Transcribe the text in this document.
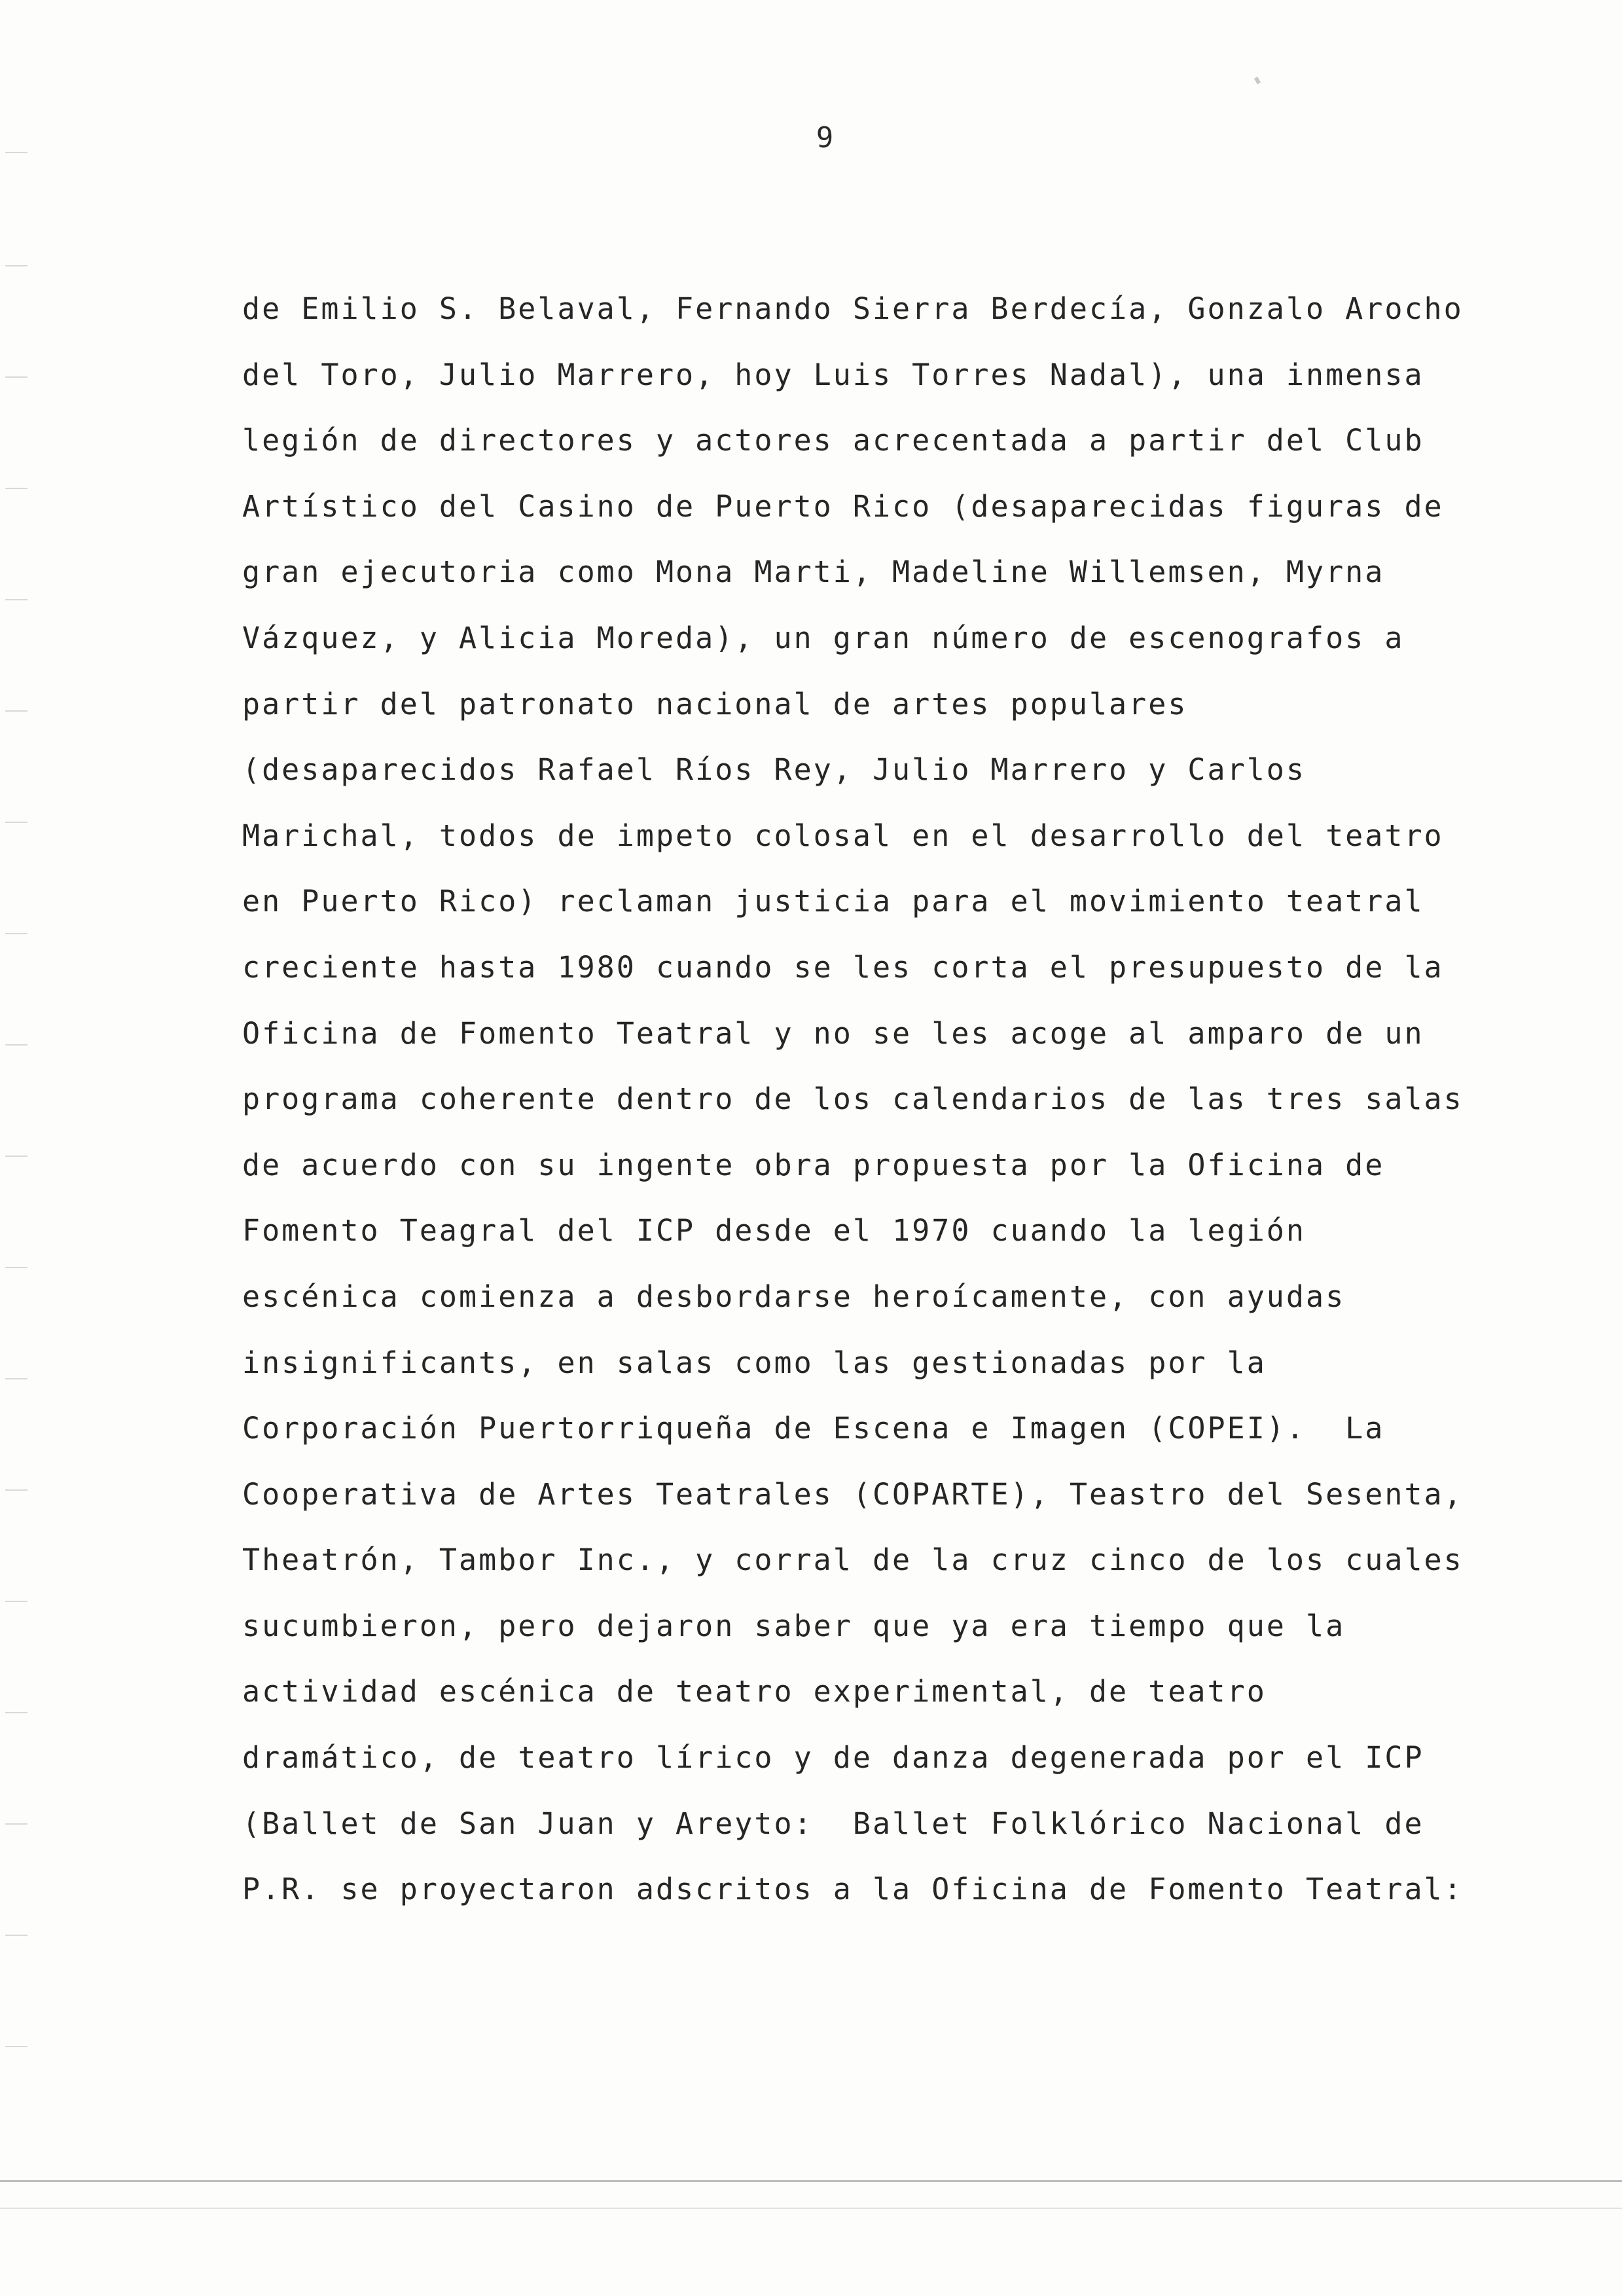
9
de Emilio S. Belaval, Fernando Sierra Berdecía, Gonzalo Arocho
del Toro, Julio Marrero, hoy Luis Torres Nadal), una inmensa
legión de directores y actores acrecentada a partir del Club
Artístico del Casino de Puerto Rico (desaparecidas figuras de
gran ejecutoria como Mona Marti, Madeline Willemsen, Myrna
Vázquez, y Alicia Moreda), un gran número de escenografos a
partir del patronato nacional de artes populares
(desaparecidos Rafael Ríos Rey, Julio Marrero y Carlos
Marichal, todos de impeto colosal en el desarrollo del teatro
en Puerto Rico) reclaman justicia para el movimiento teatral
creciente hasta 1980 cuando se les corta el presupuesto de la
Oficina de Fomento Teatral y no se les acoge al amparo de un
programa coherente dentro de los calendarios de las tres salas
de acuerdo con su ingente obra propuesta por la Oficina de
Fomento Teagral del ICP desde el 1970 cuando la legión
escénica comienza a desbordarse heroícamente, con ayudas
insignificants, en salas como las gestionadas por la
Corporación Puertorriqueña de Escena e Imagen (COPEI).  La
Cooperativa de Artes Teatrales (COPARTE), Teastro del Sesenta,
Theatrón, Tambor Inc., y corral de la cruz cinco de los cuales
sucumbieron, pero dejaron saber que ya era tiempo que la
actividad escénica de teatro experimental, de teatro
dramático, de teatro lírico y de danza degenerada por el ICP
(Ballet de San Juan y Areyto:  Ballet Folklórico Nacional de
P.R. se proyectaron adscritos a la Oficina de Fomento Teatral:
